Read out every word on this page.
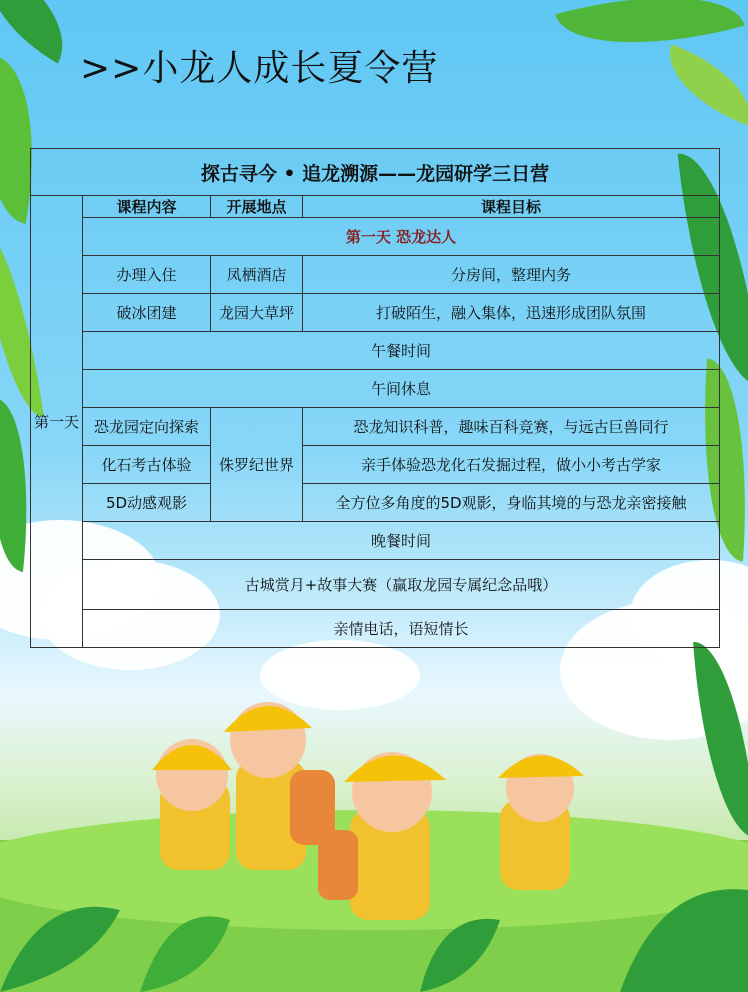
>>小龙人成长夏令营
探古寻今 • 追龙溯源——龙园研学三日营			
第一天	课程内容	开展地点	课程目标
	第一天 恐龙达人		
	办理入住	凤栖酒店	分房间，整理内务
	破冰团建	龙园大草坪	打破陌生，融入集体，迅速形成团队氛围
	午餐时间		
	午间休息		
	恐龙园定向探索	侏罗纪世界	恐龙知识科普，趣味百科竞赛，与远古巨兽同行
	化石考古体验		亲手体验恐龙化石发掘过程，做小小考古学家
	5D动感观影		全方位多角度的5D观影，身临其境的与恐龙亲密接触
	晚餐时间		
	古城赏月+故事大赛（赢取龙园专属纪念品哦）		
	亲情电话，语短情长		
